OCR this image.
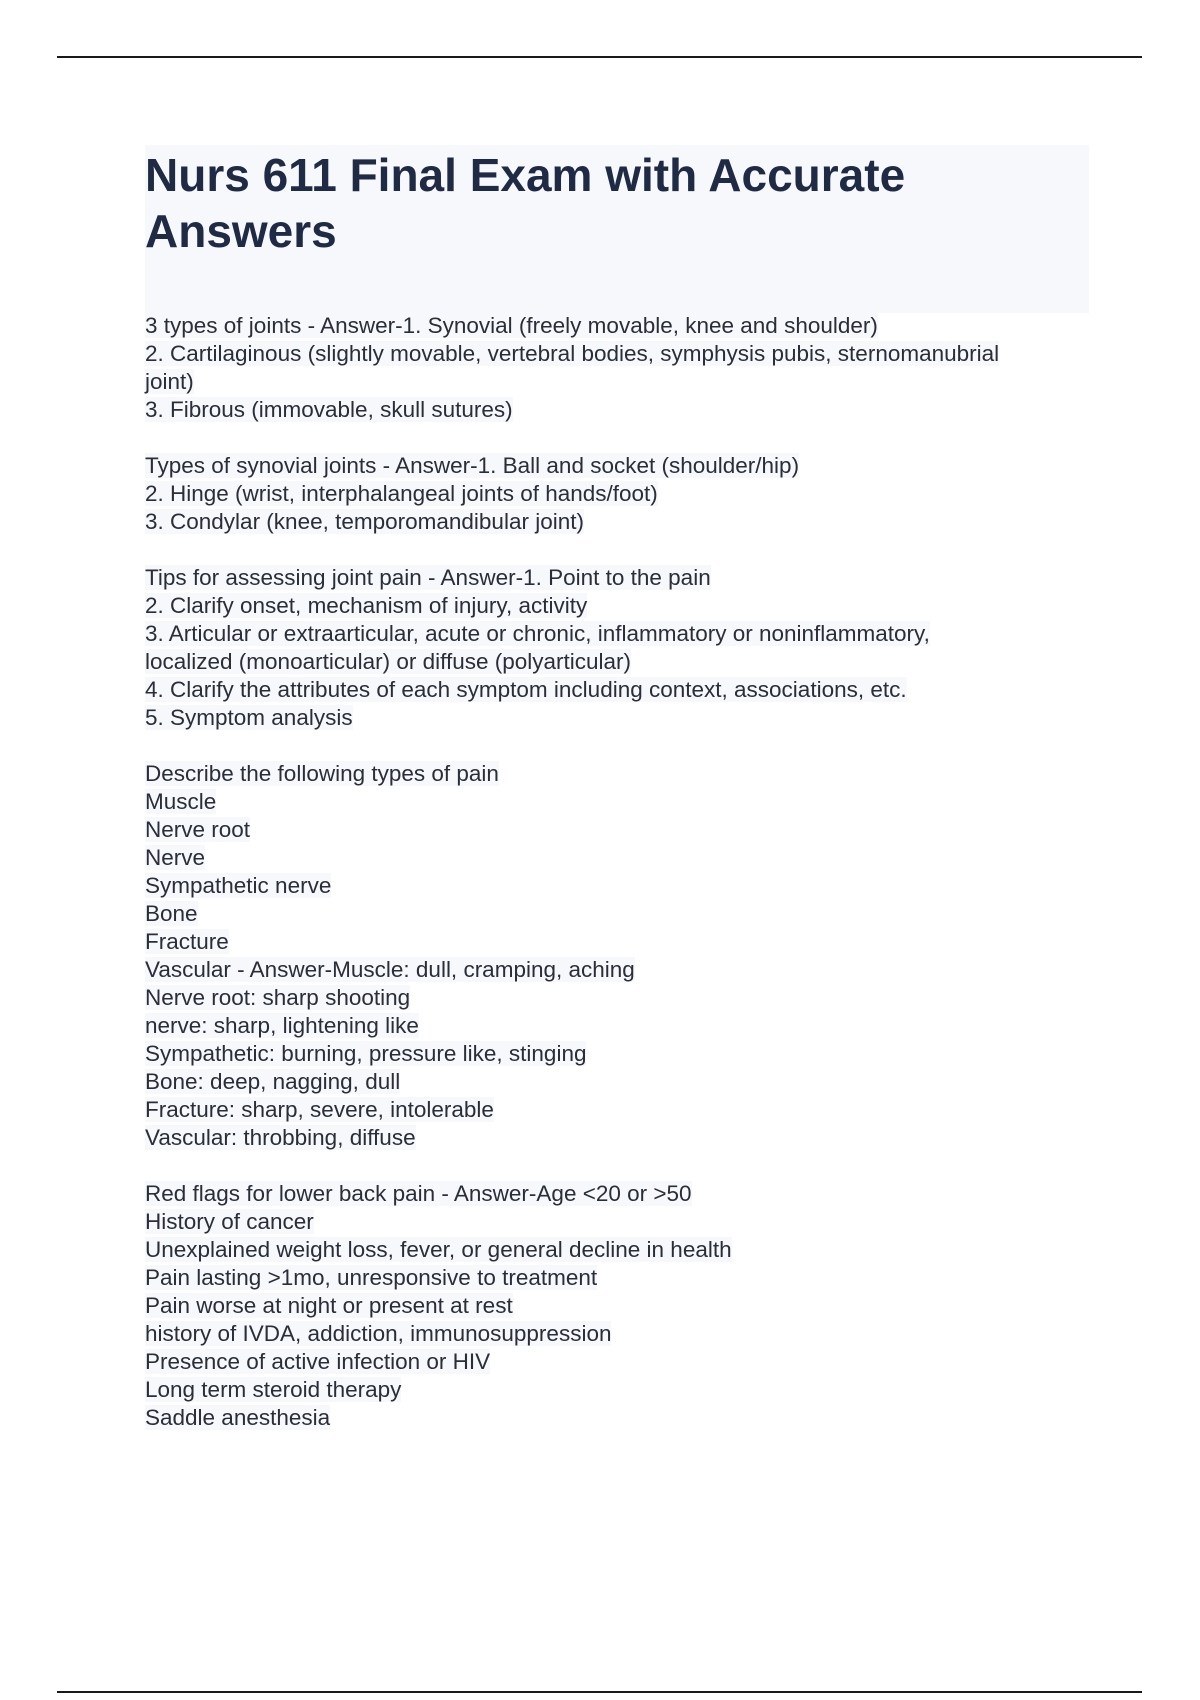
Nurs 611 Final Exam with Accurate Answers
3 types of joints - Answer-1. Synovial (freely movable, knee and shoulder)
2. Cartilaginous (slightly movable, vertebral bodies, symphysis pubis, sternomanubrial
joint)
3. Fibrous (immovable, skull sutures)
Types of synovial joints - Answer-1. Ball and socket (shoulder/hip)
2. Hinge (wrist, interphalangeal joints of hands/foot)
3. Condylar (knee, temporomandibular joint)
Tips for assessing joint pain - Answer-1. Point to the pain
2. Clarify onset, mechanism of injury, activity
3. Articular or extraarticular, acute or chronic, inflammatory or noninflammatory,
localized (monoarticular) or diffuse (polyarticular)
4. Clarify the attributes of each symptom including context, associations, etc.
5. Symptom analysis
Describe the following types of pain
Muscle
Nerve root
Nerve
Sympathetic nerve
Bone
Fracture
Vascular - Answer-Muscle: dull, cramping, aching
Nerve root: sharp shooting
nerve: sharp, lightening like
Sympathetic: burning, pressure like, stinging
Bone: deep, nagging, dull
Fracture: sharp, severe, intolerable
Vascular: throbbing, diffuse
Red flags for lower back pain - Answer-Age <20 or >50
History of cancer
Unexplained weight loss, fever, or general decline in health
Pain lasting >1mo, unresponsive to treatment
Pain worse at night or present at rest
history of IVDA, addiction, immunosuppression
Presence of active infection or HIV
Long term steroid therapy
Saddle anesthesia
